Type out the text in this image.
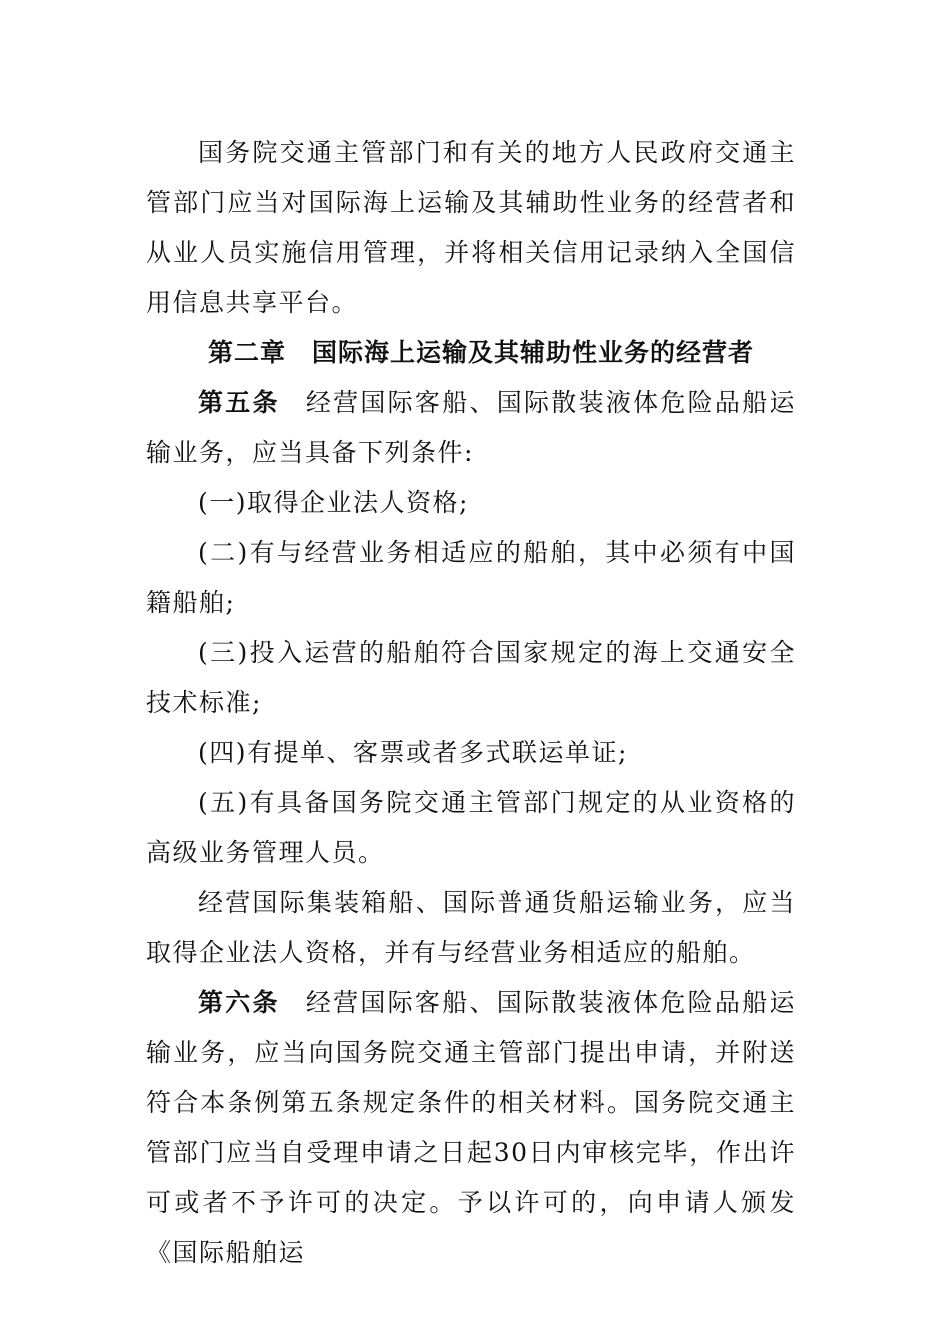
国务院交通主管部门和有关的地方人民政府交通主管部门应当对国际海上运输及其辅助性业务的经营者和从业人员实施信用管理，并将相关信用记录纳入全国信用信息共享平台。

第二章　国际海上运输及其辅助性业务的经营者

第五条 经营国际客船、国际散装液体危险品船运输业务，应当具备下列条件:

(一)取得企业法人资格;

(二)有与经营业务相适应的船舶，其中必须有中国籍船舶;

(三)投入运营的船舶符合国家规定的海上交通安全技术标准;

(四)有提单、客票或者多式联运单证;

(五)有具备国务院交通主管部门规定的从业资格的高级业务管理人员。

经营国际集装箱船、国际普通货船运输业务，应当取得企业法人资格，并有与经营业务相适应的船舶。

第六条 经营国际客船、国际散装液体危险品船运输业务，应当向国务院交通主管部门提出申请，并附送符合本条例第五条规定条件的相关材料。国务院交通主管部门应当自受理申请之日起30日内审核完毕，作出许可或者不予许可的决定。予以许可的，向申请人颁发《国际船舶运
